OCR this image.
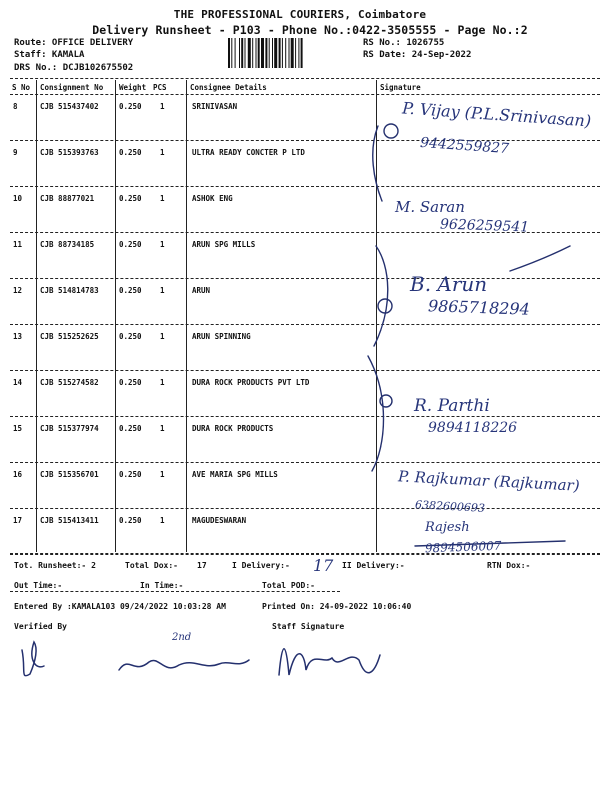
THE PROFESSIONAL COURIERS, Coimbatore
Delivery Runsheet - P103 - Phone No.:0422-3505555 - Page No.:2
Route: OFFICE DELIVERY
Staff: KAMALA
DRS No.: DCJB102675502
RS No.: 1026755
RS Date: 24-Sep-2022
S No Consignment No Weight PCS	Consignee Details	Signature
8	CJB 515437402	0.250 1	SRINIVASAN
9	CJB 515393763	0.250 1	ULTRA READY CONCTER P LTD
10 CJB 88877021	0.250 1	ASHOK ENG
11 CJB 88734185	0.250 1	ARUN SPG MILLS
12 CJB 514814783	0.250 1	ARUN
13 CJB 515252625	0.250 1	ARUN SPINNING
14 CJB 515274582	0.250 1	DURA ROCK PRODUCTS PVT LTD
15 CJB 515377974	0.250 1	DURA ROCK PRODUCTS
16 CJB 515356701	0.250 1	AVE MARIA SPG MILLS
17 CJB 515413411	0.250 1	MAGUDESWARAN
P. Vijay (P.L.Srinivasan)
9442559827
M. Saran
9626259541
B. Arun
9865718294
R. Parthi
9894118226
P. Rajkumar (Rajkumar)
6382600693
Rajesh
9894506007
Tot. Runsheet:- 2	Total Dox:- 17	I Delivery:- 17 II Delivery:-	RTN Dox:-
Out Time:-	In Time:-	Total POD:-
Entered By :KAMALA103 09/24/2022 10:03:28 AM	Printed On: 24-09-2022 10:06:40
Verified By	Staff Signature
2nd
